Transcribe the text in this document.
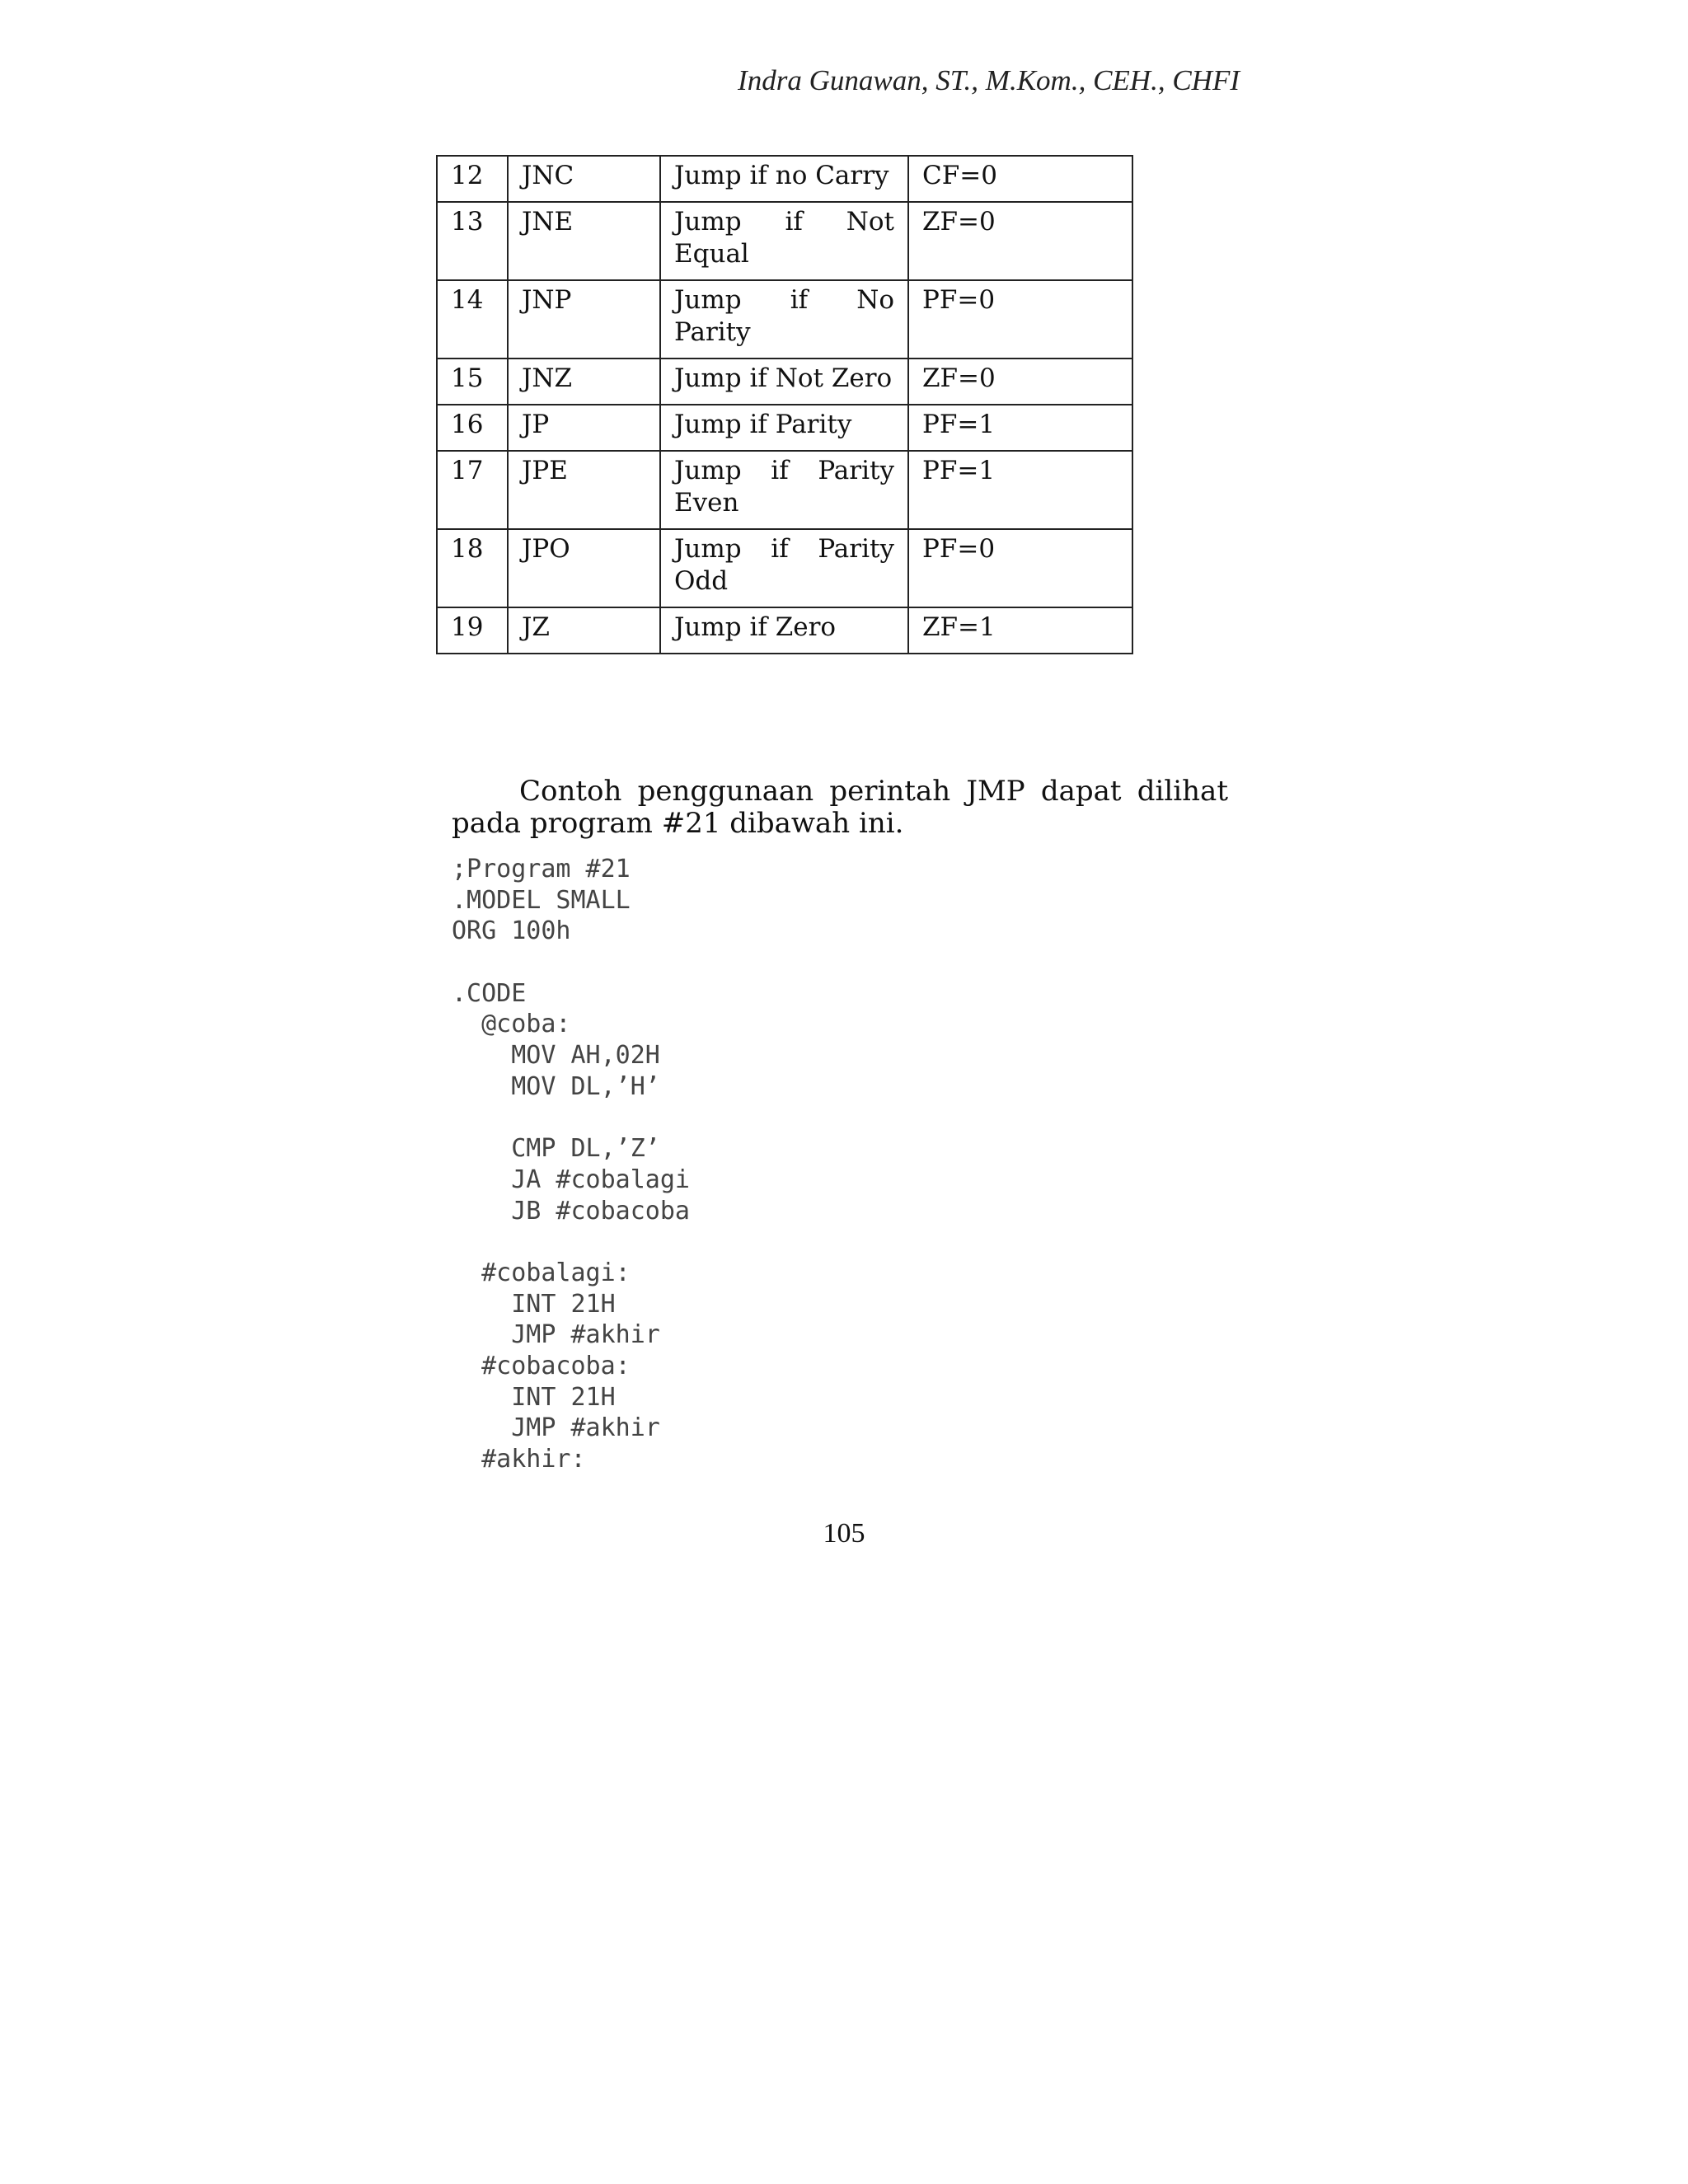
Indra Gunawan, ST., M.Kom., CEH., CHFI
12	JNC	Jump if no Carry	CF=0
13	JNE	Jump if Not Equal	ZF=0
14	JNP	Jump if No Parity	PF=0
15	JNZ	Jump if Not Zero	ZF=0
16	JP	Jump if Parity	PF=1
17	JPE	Jump if Parity Even	PF=1
18	JPO	Jump if Parity Odd	PF=0
19	JZ	Jump if Zero	ZF=1

Contoh penggunaan perintah JMP dapat dilihat pada program #21 dibawah ini.

;Program #21
.MODEL SMALL
ORG 100h
.CODE
@coba:
MOV AH,02H
MOV DL,’H’
CMP DL,’Z’
JA #cobalagi
JB #cobacoba
#cobalagi:
INT 21H
JMP #akhir
#cobacoba:
INT 21H
JMP #akhir
#akhir:
105
